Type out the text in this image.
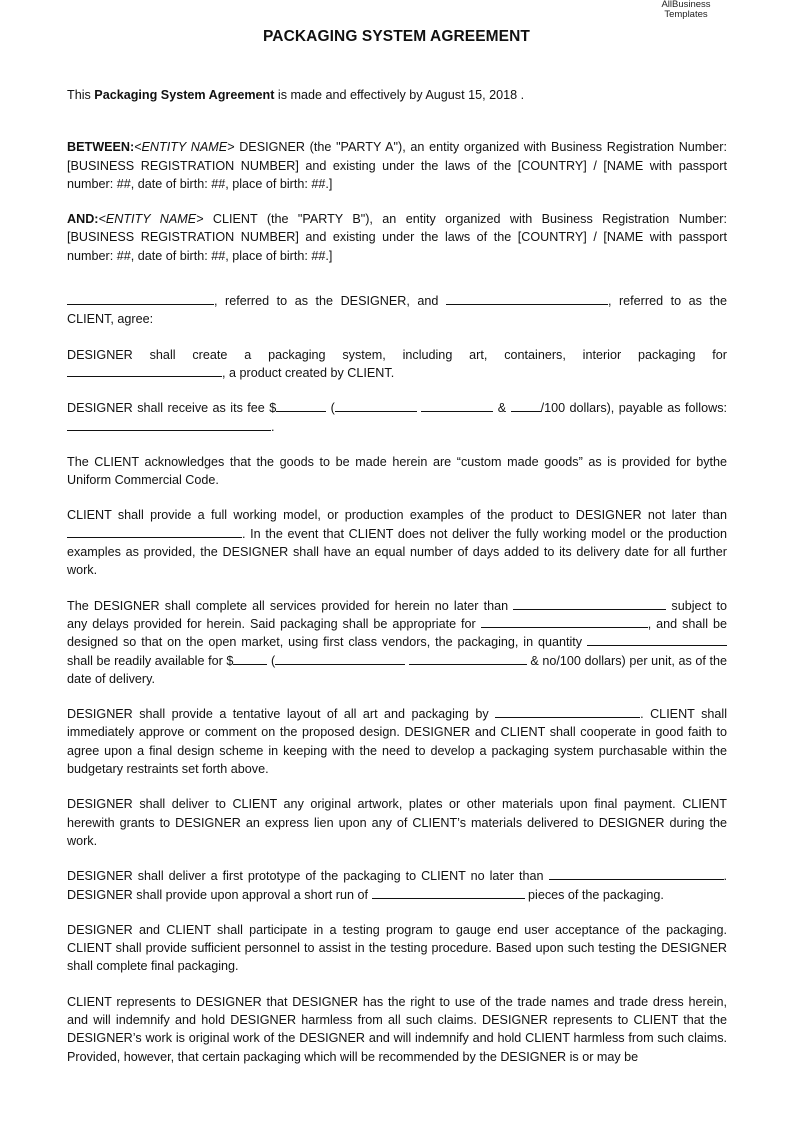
AllBusiness
Templates
PACKAGING SYSTEM AGREEMENT

This Packaging System Agreement is made and effectively by August 15, 2018 .

BETWEEN:<ENTITY NAME> DESIGNER (the "PARTY A"), an entity organized with Business Registration Number: [BUSINESS REGISTRATION NUMBER] and existing under the laws of the [COUNTRY] / [NAME with passport number: ##, date of birth: ##, place of birth: ##.]

AND:<ENTITY NAME> CLIENT (the "PARTY B"), an entity organized with Business Registration Number: [BUSINESS REGISTRATION NUMBER] and existing under the laws of the [COUNTRY] / [NAME with passport number: ##, date of birth: ##, place of birth: ##.]

, referred to as the DESIGNER, and	, referred to as the CLIENT, agree:

DESIGNER shall create a packaging system, including art, containers, interior packaging for , a product created by CLIENT.

DESIGNER shall receive as its fee $	(	& /100 dollars), payable as follows: .

The CLIENT acknowledges that the goods to be made herein are “custom made goods” as is provided for bythe Uniform Commercial Code.

CLIENT shall provide a full working model, or production examples of the product to DESIGNER not later than . In the event that CLIENT does not deliver the fully working model or the production examples as provided, the DESIGNER shall have an equal number of days added to its delivery date for all further work.

The DESIGNER shall complete all services provided for herein no later than	subject to any delays provided for herein. Said packaging shall be appropriate for	, and shall be designed so that on the open market, using first class vendors, the packaging, in quantity  shall be readily available for $	(	& no/100 dollars) per unit, as of the date of delivery.

DESIGNER shall provide a tentative layout of all art and packaging by	. CLIENT shall immediately approve or comment on the proposed design. DESIGNER and CLIENT shall cooperate in good faith to agree upon a final design scheme in keeping with the need to develop a packaging system purchasable within the budgetary restraints set forth above.

DESIGNER shall deliver to CLIENT any original artwork, plates or other materials upon final payment. CLIENT herewith grants to DESIGNER an express lien upon any of CLIENT’s materials delivered to DESIGNER during the work.

DESIGNER shall deliver a first prototype of the packaging to CLIENT no later than	. DESIGNER shall provide upon approval a short run of	pieces of the packaging.

DESIGNER and CLIENT shall participate in a testing program to gauge end user acceptance of the packaging. CLIENT shall provide sufficient personnel to assist in the testing procedure. Based upon such testing the DESIGNER shall complete final packaging.

CLIENT represents to DESIGNER that DESIGNER has the right to use of the trade names and trade dress herein, and will indemnify and hold DESIGNER harmless from all such claims. DESIGNER represents to CLIENT that the DESIGNER’s work is original work of the DESIGNER and will indemnify and hold CLIENT harmless from such claims. Provided, however, that certain packaging which will be recommended by the DESIGNER is or may be
